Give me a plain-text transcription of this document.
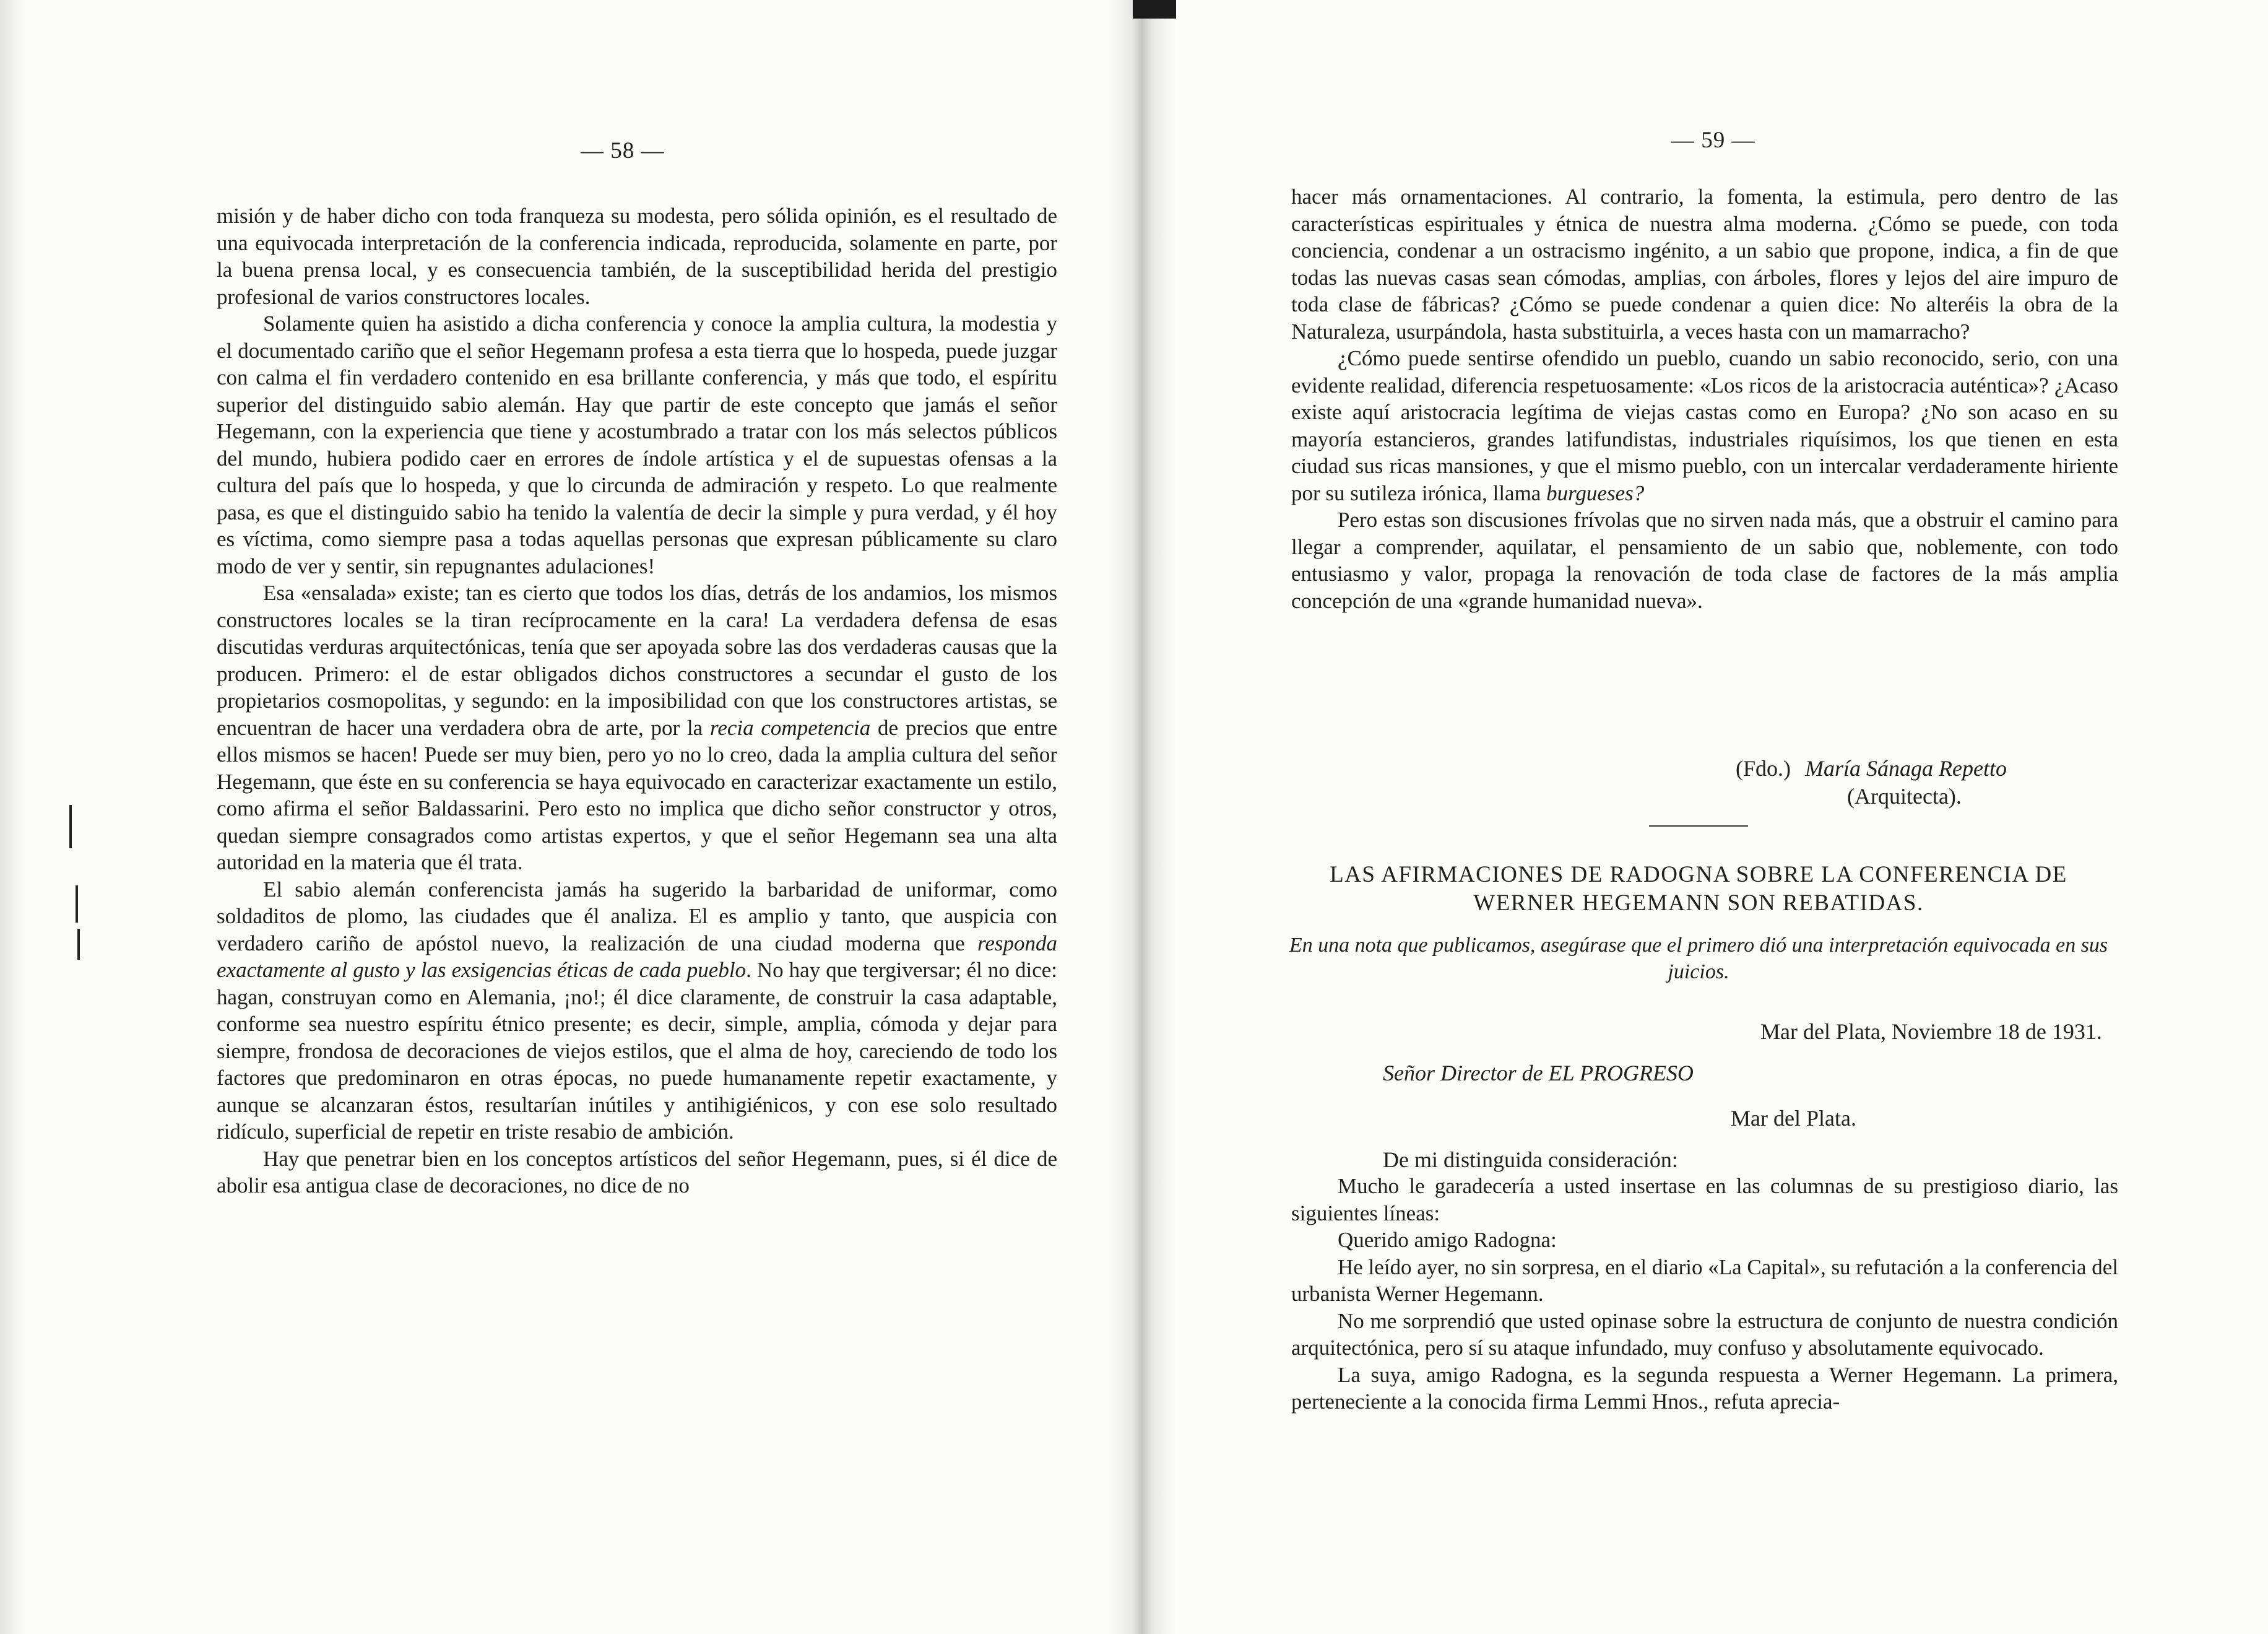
— 58 —

misión y de haber dicho con toda franqueza su modesta, pero sólida opinión, es el resultado de una equivocada interpretación de la conferencia indicada, reproducida, solamente en parte, por la buena prensa local, y es consecuencia también, de la susceptibilidad herida del prestigio profesional de varios constructores locales.

Solamente quien ha asistido a dicha conferencia y conoce la amplia cultura, la modestia y el documentado cariño que el señor Hegemann profesa a esta tierra que lo hospeda, puede juzgar con calma el fin verdadero contenido en esa brillante conferencia, y más que todo, el espíritu superior del distinguido sabio alemán. Hay que partir de este concepto que jamás el señor Hegemann, con la experiencia que tiene y acostumbrado a tratar con los más selectos públicos del mundo, hubiera podido caer en errores de índole artística y el de supuestas ofensas a la cultura del país que lo hospeda, y que lo circunda de admiración y respeto. Lo que realmente pasa, es que el distinguido sabio ha tenido la valentía de decir la simple y pura verdad, y él hoy es víctima, como siempre pasa a todas aquellas personas que expresan públicamente su claro modo de ver y sentir, sin repugnantes adulaciones!

Esa «ensalada» existe; tan es cierto que todos los días, detrás de los andamios, los mismos constructores locales se la tiran recíprocamente en la cara! La verdadera defensa de esas discutidas verduras arquitectónicas, tenía que ser apoyada sobre las dos verdaderas causas que la producen. Primero: el de estar obligados dichos constructores a secundar el gusto de los propietarios cosmopolitas, y segundo: en la imposibilidad con que los constructores artistas, se encuentran de hacer una verdadera obra de arte, por la recia competencia de precios que entre ellos mismos se hacen! Puede ser muy bien, pero yo no lo creo, dada la amplia cultura del señor Hegemann, que éste en su conferencia se haya equivocado en caracterizar exactamente un estilo, como afirma el señor Baldassarini. Pero esto no implica que dicho señor constructor y otros, quedan siempre consagrados como artistas expertos, y que el señor Hegemann sea una alta autoridad en la materia que él trata.

El sabio alemán conferencista jamás ha sugerido la barbaridad de uniformar, como soldaditos de plomo, las ciudades que él analiza. El es amplio y tanto, que auspicia con verdadero cariño de apóstol nuevo, la realización de una ciudad moderna que responda exactamente al gusto y las exsigencias éticas de cada pueblo. No hay que tergiversar; él no dice: hagan, construyan como en Alemania, ¡no!; él dice claramente, de construir la casa adaptable, conforme sea nuestro espíritu étnico presente; es decir, simple, amplia, cómoda y dejar para siempre, frondosa de decoraciones de viejos estilos, que el alma de hoy, careciendo de todo los factores que predominaron en otras épocas, no puede humanamente repetir exactamente, y aunque se alcanzaran éstos, resultarían inútiles y antihigiénicos, y con ese solo resultado ridículo, superficial de repetir en triste resabio de ambición.

Hay que penetrar bien en los conceptos artísticos del señor Hegemann, pues, si él dice de abolir esa antigua clase de decoraciones, no dice de no

— 59 —

hacer más ornamentaciones. Al contrario, la fomenta, la estimula, pero dentro de las características espirituales y étnica de nuestra alma moderna. ¿Cómo se puede, con toda conciencia, condenar a un ostracismo ingénito, a un sabio que propone, indica, a fin de que todas las nuevas casas sean cómodas, amplias, con árboles, flores y lejos del aire impuro de toda clase de fábricas? ¿Cómo se puede condenar a quien dice: No alteréis la obra de la Naturaleza, usurpándola, hasta substituirla, a veces hasta con un mamarracho?

¿Cómo puede sentirse ofendido un pueblo, cuando un sabio reconocido, serio, con una evidente realidad, diferencia respetuosamente: «Los ricos de la aristocracia auténtica»? ¿Acaso existe aquí aristocracia legítima de viejas castas como en Europa? ¿No son acaso en su mayoría estancieros, grandes latifundistas, industriales riquísimos, los que tienen en esta ciudad sus ricas mansiones, y que el mismo pueblo, con un intercalar verdaderamente hiriente por su sutileza irónica, llama burgueses?

Pero estas son discusiones frívolas que no sirven nada más, que a obstruir el camino para llegar a comprender, aquilatar, el pensamiento de un sabio que, noblemente, con todo entusiasmo y valor, propaga la renovación de toda clase de factores de la más amplia concepción de una «grande humanidad nueva».

(Fdo.) María Sánaga Repetto
(Arquitecta).
LAS AFIRMACIONES DE RADOGNA SOBRE LA CONFERENCIA DE WERNER HEGEMANN SON REBATIDAS.
En una nota que publicamos, asegúrase que el primero dió una interpretación equivocada en sus juicios.
Mar del Plata, Noviembre 18 de 1931.
Señor Director de EL PROGRESO
Mar del Plata.
De mi distinguida consideración:

Mucho le garadecería a usted insertase en las columnas de su prestigioso diario, las siguientes líneas:

Querido amigo Radogna:

He leído ayer, no sin sorpresa, en el diario «La Capital», su refutación a la conferencia del urbanista Werner Hegemann.

No me sorprendió que usted opinase sobre la estructura de conjunto de nuestra condición arquitectónica, pero sí su ataque infundado, muy confuso y absolutamente equivocado.

La suya, amigo Radogna, es la segunda respuesta a Werner Hegemann. La primera, perteneciente a la conocida firma Lemmi Hnos., refuta aprecia-
